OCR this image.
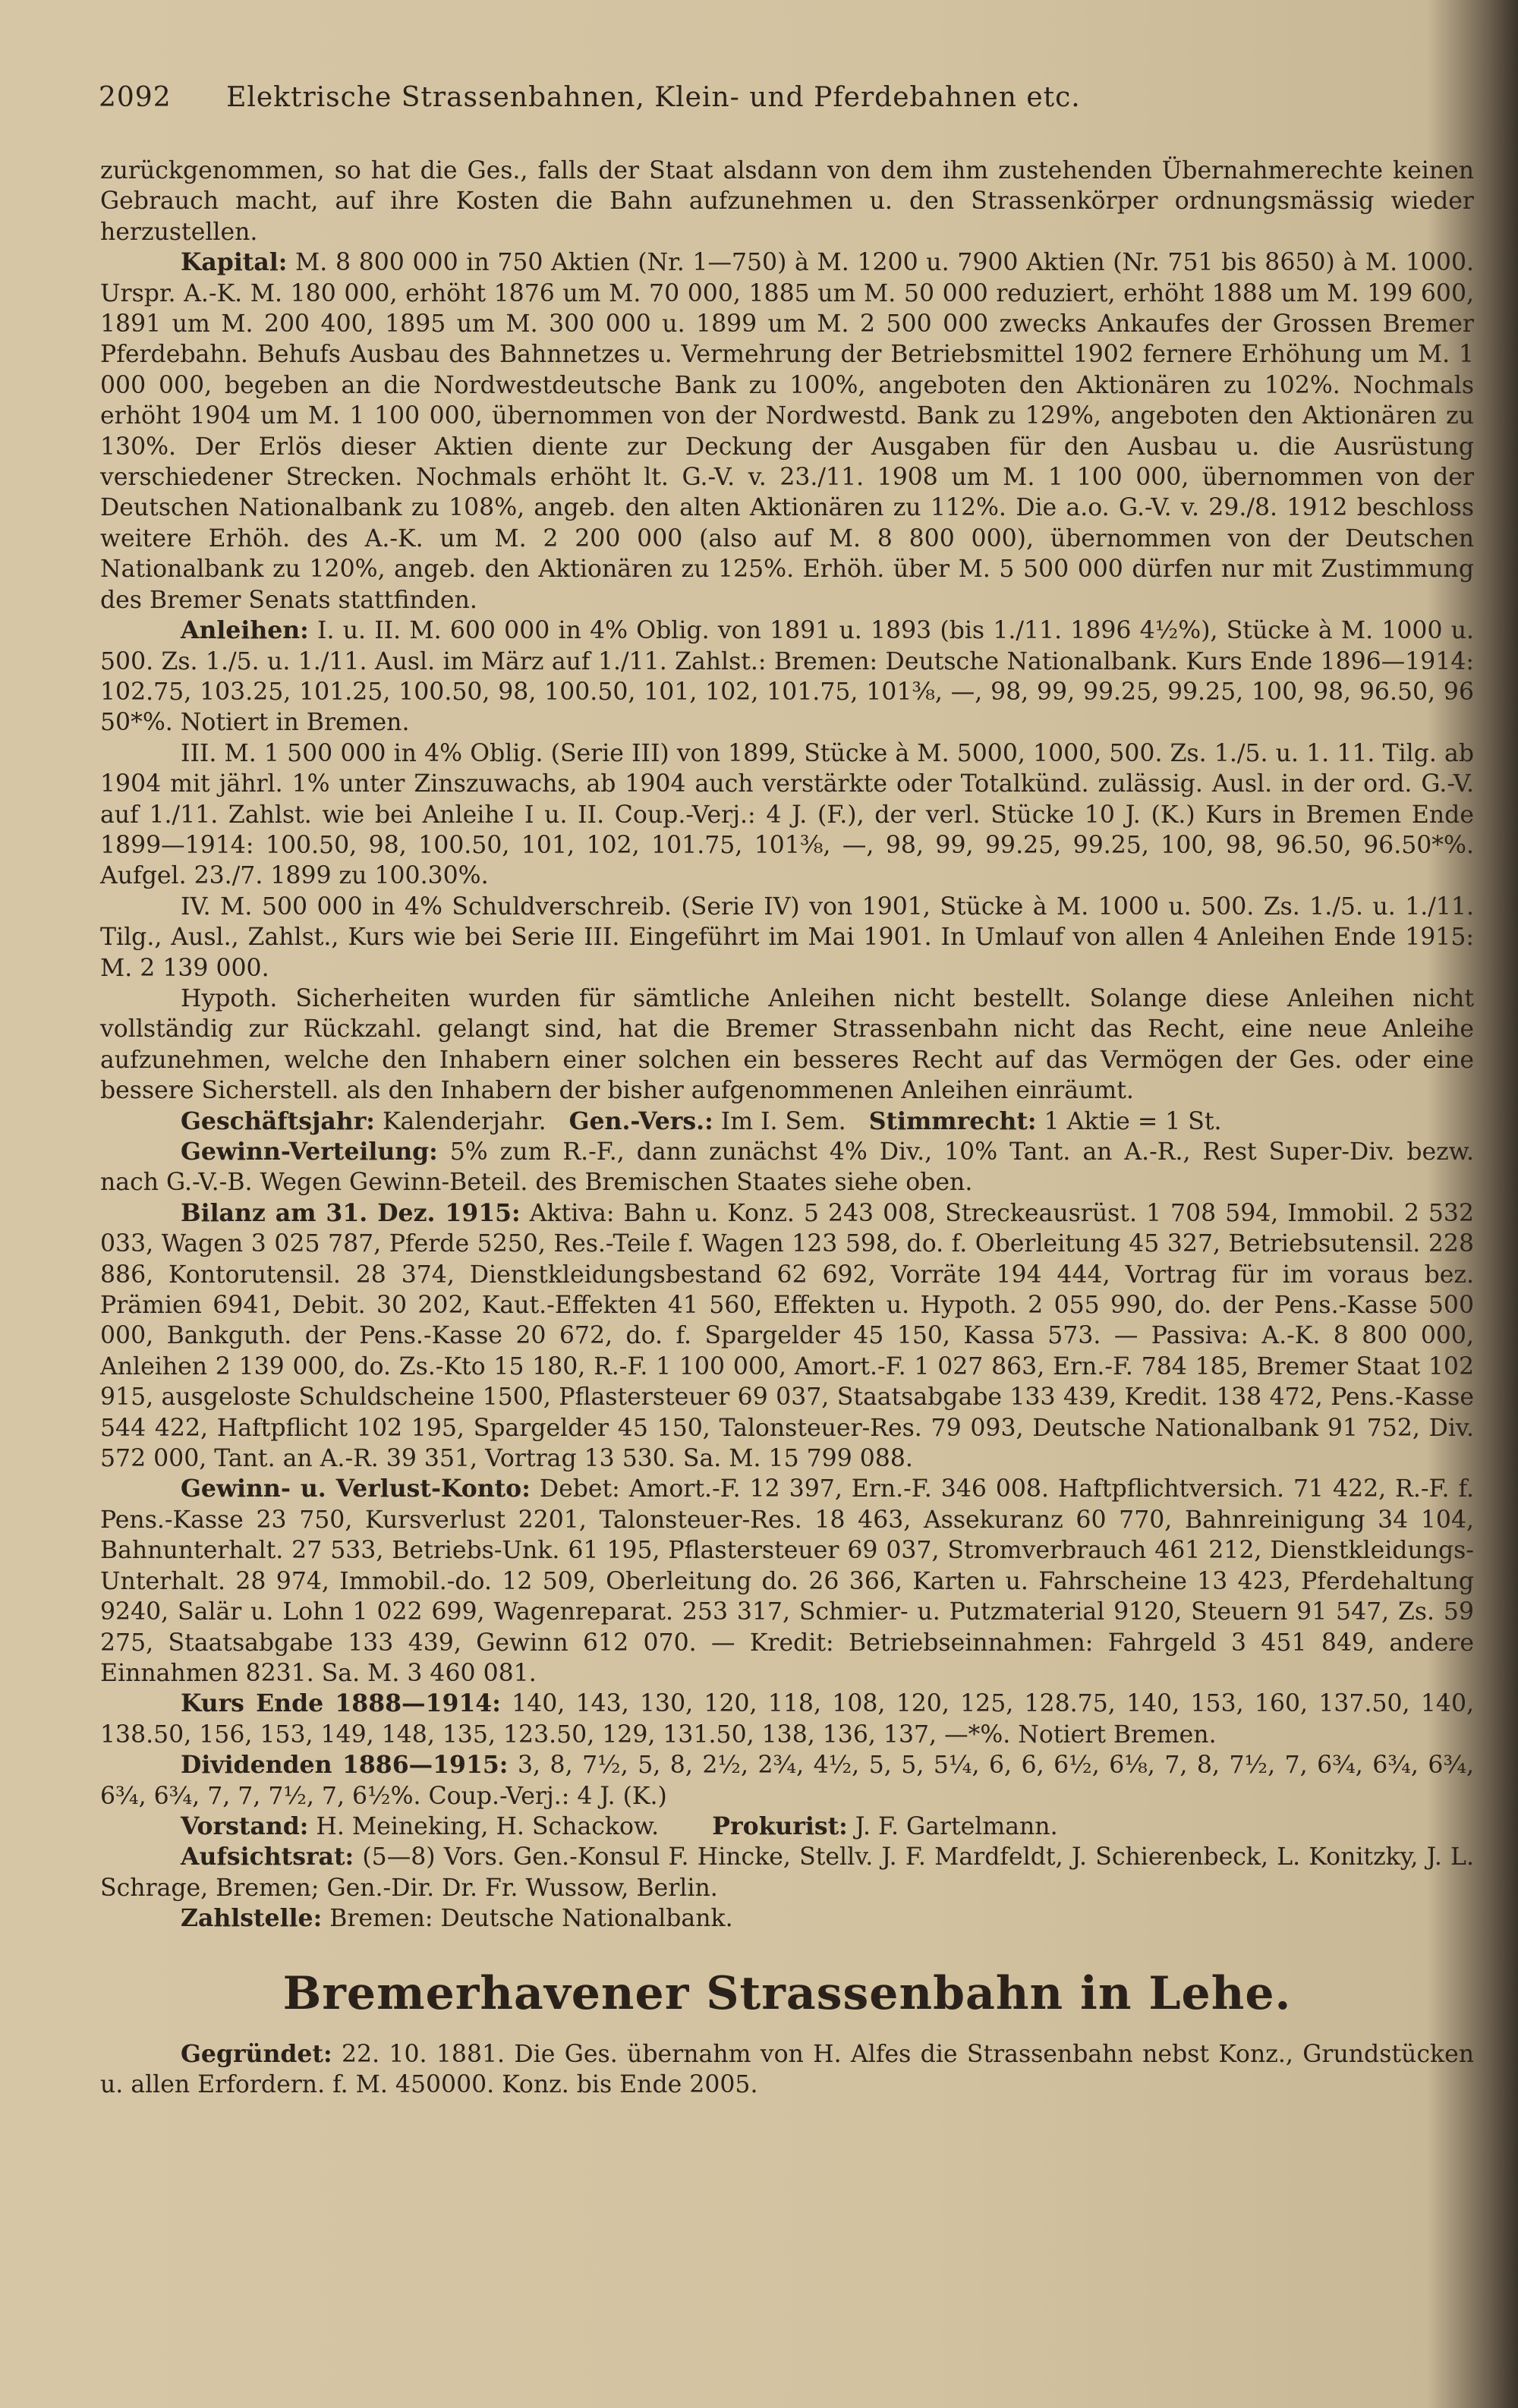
2092 Elektrische Strassenbahnen, Klein- und Pferdebahnen etc.

zurückgenommen, so hat die Ges., falls der Staat alsdann von dem ihm zustehenden Übernahmerechte keinen Gebrauch macht, auf ihre Kosten die Bahn aufzunehmen u. den Strassenkörper ordnungsmässig wieder herzustellen.

Kapital: M. 8 800 000 in 750 Aktien (Nr. 1—750) à M. 1200 u. 7900 Aktien (Nr. 751 bis 8650) à M. 1000. Urspr. A.-K. M. 180 000, erhöht 1876 um M. 70 000, 1885 um M. 50 000 reduziert, erhöht 1888 um M. 199 600, 1891 um M. 200 400, 1895 um M. 300 000 u. 1899 um M. 2 500 000 zwecks Ankaufes der Grossen Bremer Pferdebahn. Behufs Ausbau des Bahnnetzes u. Vermehrung der Betriebsmittel 1902 fernere Erhöhung um M. 1 000 000, begeben an die Nordwestdeutsche Bank zu 100%, angeboten den Aktionären zu 102%. Nochmals erhöht 1904 um M. 1 100 000, übernommen von der Nordwestd. Bank zu 129%, angeboten den Aktionären zu 130%. Der Erlös dieser Aktien diente zur Deckung der Ausgaben für den Ausbau u. die Ausrüstung verschiedener Strecken. Nochmals erhöht lt. G.-V. v. 23./11. 1908 um M. 1 100 000, übernommen von der Deutschen Nationalbank zu 108%, angeb. den alten Aktionären zu 112%. Die a.o. G.-V. v. 29./8. 1912 beschloss weitere Erhöh. des A.-K. um M. 2 200 000 (also auf M. 8 800 000), übernommen von der Deutschen Nationalbank zu 120%, angeb. den Aktionären zu 125%. Erhöh. über M. 5 500 000 dürfen nur mit Zustimmung des Bremer Senats stattfinden.

Anleihen: I. u. II. M. 600 000 in 4% Oblig. von 1891 u. 1893 (bis 1./11. 1896 4½%), Stücke à M. 1000 u. 500. Zs. 1./5. u. 1./11. Ausl. im März auf 1./11. Zahlst.: Bremen: Deutsche Nationalbank. Kurs Ende 1896—1914: 102.75, 103.25, 101.25, 100.50, 98, 100.50, 101, 102, 101.75, 101⅜, —, 98, 99, 99.25, 99.25, 100, 98, 96.50, 96 50*%. Notiert in Bremen.

III. M. 1 500 000 in 4% Oblig. (Serie III) von 1899, Stücke à M. 5000, 1000, 500. Zs. 1./5. u. 1. 11. Tilg. ab 1904 mit jährl. 1% unter Zinszuwachs, ab 1904 auch verstärkte oder Totalkünd. zulässig. Ausl. in der ord. G.-V. auf 1./11. Zahlst. wie bei Anleihe I u. II. Coup.-Verj.: 4 J. (F.), der verl. Stücke 10 J. (K.) Kurs in Bremen Ende 1899—1914: 100.50, 98, 100.50, 101, 102, 101.75, 101⅜, —, 98, 99, 99.25, 99.25, 100, 98, 96.50, 96.50*%. Aufgel. 23./7. 1899 zu 100.30%.

IV. M. 500 000 in 4% Schuldverschreib. (Serie IV) von 1901, Stücke à M. 1000 u. 500. Zs. 1./5. u. 1./11. Tilg., Ausl., Zahlst., Kurs wie bei Serie III. Eingeführt im Mai 1901. In Umlauf von allen 4 Anleihen Ende 1915: M. 2 139 000.

Hypoth. Sicherheiten wurden für sämtliche Anleihen nicht bestellt. Solange diese Anleihen nicht vollständig zur Rückzahl. gelangt sind, hat die Bremer Strassenbahn nicht das Recht, eine neue Anleihe aufzunehmen, welche den Inhabern einer solchen ein besseres Recht auf das Vermögen der Ges. oder eine bessere Sicherstell. als den Inhabern der bisher aufgenommenen Anleihen einräumt.

Geschäftsjahr: Kalenderjahr. Gen.-Vers.: Im I. Sem. Stimmrecht: 1 Aktie = 1 St.

Gewinn-Verteilung: 5% zum R.-F., dann zunächst 4% Div., 10% Tant. an A.-R., Rest Super-Div. bezw. nach G.-V.-B. Wegen Gewinn-Beteil. des Bremischen Staates siehe oben.

Bilanz am 31. Dez. 1915: Aktiva: Bahn u. Konz. 5 243 008, Streckeausrüst. 1 708 594, Immobil. 2 532 033, Wagen 3 025 787, Pferde 5250, Res.-Teile f. Wagen 123 598, do. f. Oberleitung 45 327, Betriebsutensil. 228 886, Kontorutensil. 28 374, Dienstkleidungsbestand 62 692, Vorräte 194 444, Vortrag für im voraus bez. Prämien 6941, Debit. 30 202, Kaut.-Effekten 41 560, Effekten u. Hypoth. 2 055 990, do. der Pens.-Kasse 500 000, Bankguth. der Pens.-Kasse 20 672, do. f. Spargelder 45 150, Kassa 573. — Passiva: A.-K. 8 800 000, Anleihen 2 139 000, do. Zs.-Kto 15 180, R.-F. 1 100 000, Amort.-F. 1 027 863, Ern.-F. 784 185, Bremer Staat 102 915, ausgeloste Schuldscheine 1500, Pflastersteuer 69 037, Staatsabgabe 133 439, Kredit. 138 472, Pens.-Kasse 544 422, Haftpflicht 102 195, Spargelder 45 150, Talonsteuer-Res. 79 093, Deutsche Nationalbank 91 752, Div. 572 000, Tant. an A.-R. 39 351, Vortrag 13 530. Sa. M. 15 799 088.

Gewinn- u. Verlust-Konto: Debet: Amort.-F. 12 397, Ern.-F. 346 008. Haftpflichtversich. 71 422, R.-F. f. Pens.-Kasse 23 750, Kursverlust 2201, Talonsteuer-Res. 18 463, Assekuranz 60 770, Bahnreinigung 34 104, Bahnunterhalt. 27 533, Betriebs-Unk. 61 195, Pflastersteuer 69 037, Stromverbrauch 461 212, Dienstkleidungs-Unterhalt. 28 974, Immobil.-do. 12 509, Oberleitung do. 26 366, Karten u. Fahrscheine 13 423, Pferdehaltung 9240, Salär u. Lohn 1 022 699, Wagenreparat. 253 317, Schmier- u. Putzmaterial 9120, Steuern 91 547, Zs. 59 275, Staatsabgabe 133 439, Gewinn 612 070. — Kredit: Betriebseinnahmen: Fahrgeld 3 451 849, andere Einnahmen 8231. Sa. M. 3 460 081.

Kurs Ende 1888—1914: 140, 143, 130, 120, 118, 108, 120, 125, 128.75, 140, 153, 160, 137.50, 140, 138.50, 156, 153, 149, 148, 135, 123.50, 129, 131.50, 138, 136, 137, —*%. Notiert Bremen.

Dividenden 1886—1915: 3, 8, 7½, 5, 8, 2½, 2¾, 4½, 5, 5, 5¼, 6, 6, 6½, 6⅛, 7, 8, 7½, 7, 6¾, 6¾, 6¾, 6¾, 6¾, 7, 7, 7½, 7, 6½%. Coup.-Verj.: 4 J. (K.)

Vorstand: H. Meineking, H. Schackow. Prokurist: J. F. Gartelmann.

Aufsichtsrat: (5—8) Vors. Gen.-Konsul F. Hincke, Stellv. J. F. Mardfeldt, J. Schierenbeck, L. Konitzky, J. L. Schrage, Bremen; Gen.-Dir. Dr. Fr. Wussow, Berlin.

Zahlstelle: Bremen: Deutsche Nationalbank.

Bremerhavener Strassenbahn in Lehe.

Gegründet: 22. 10. 1881. Die Ges. übernahm von H. Alfes die Strassenbahn nebst Konz., Grundstücken u. allen Erfordern. f. M. 450000. Konz. bis Ende 2005.
